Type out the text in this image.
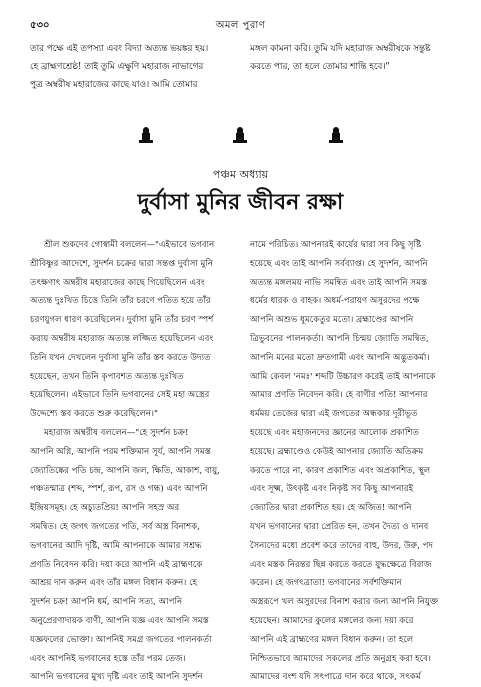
৫৩০	অমল পুরাণ
তার পক্ষে এই তপস্যা এবং বিদ্যা অত্যন্ত ভয়ঙ্কর হয়।
হে ব্রাহ্মণশ্রেষ্ঠ! তাই তুমি এক্ষুণি মহারাজ নাভাগের
পুত্র অম্বরীষ মহারাজের কাছে যাও। আমি তোমার
মঙ্গল কামনা করি। তুমি যদি মহারাজ অম্বরীষকে সন্তুষ্ট
করতে পার, তা হলে তোমার শান্তি হবে।"
পঞ্চম অধ্যায়
দুর্বাসা মুনির জীবন রক্ষা
শ্রীল শুকদেব গোস্বামী বললেন—"এইভাবে ভগবান
শ্রীবিষ্ণুর আদেশে, সুদর্শন চক্রের দ্বারা সন্তপ্ত দুর্বাসা মুনি
তৎক্ষণাৎ অম্বরীষ মহারাজের কাছে গিয়েছিলেন এবং
অত্যন্ত দুঃখিত চিত্তে তিনি তাঁর চরণে পতিত হয়ে তাঁর
চরণযুগল ধারণ করেছিলেন। দুর্বাসা মুনি তাঁর চরণ স্পর্শ
করায় অম্বরীষ মহারাজ অত্যন্ত লজ্জিত হয়েছিলেন এবং
তিনি যখন দেখলেন দুর্বাসা মুনি তাঁর স্তব করতে উদ্যত
হয়েছেন, তখন তিনি কৃপাবশত অত্যন্ত দুঃখিত
হয়েছিলেন। এইভাবে তিনি ভগবানের সেই মহা অস্ত্রের
উদ্দেশ্যে স্তব করতে শুরু করেছিলেন।"
মহারাজ অম্বরীষ বললেন—"হে সুদর্শন চক্র!
আপনি অগ্নি, আপনি পরম শক্তিমান সূর্য, আপনি সমস্ত
জ্যোতিষ্কের পতি চন্দ্র, আপনি জল, ক্ষিতি, আকাশ, বায়ু,
পঞ্চতন্মাত্র (শব্দ, স্পর্শ, রূপ, রস ও গন্ধ) এবং আপনি
ইন্দ্রিয়সমূহ। হে অচ্যুতপ্রিয়! আপনি সহস্র অর
সমন্বিত। হে জগৎ জগতের পতি, সর্ব অস্ত্র বিনাশক,
ভগবানের আদি দৃষ্টি, আমি আপনাকে আমার সশ্রদ্ধ
প্রণতি নিবেদন করি। দয়া করে আপনি এই ব্রাহ্মণকে
আশ্রয় দান করুন এবং তাঁর মঙ্গল বিধান করুন। হে
সুদর্শন চক্র! আপনি ধর্ম, আপনি সত্য, আপনি
অনুপ্রেরণাদায়ক বাণী, আপনি যজ্ঞ এবং আপনি সমস্ত
যজ্ঞফলের ভোক্তা। আপনিই সমগ্র জগতের পালনকর্তা
এবং আপনিই ভগবানের হস্তে তাঁর পরম তেজ।
আপনি ভগবানের মুখ্য দৃষ্টি এবং তাই আপনি সুদর্শন
নামে পরিচিত। আপনারই কার্যের দ্বারা সব কিছু সৃষ্টি
হয়েছে এবং তাই আপনি সর্বব্যাপ্ত। হে সুদর্শন, আপনি
অত্যন্ত মঙ্গলময় নাভি সমন্বিত এবং তাই আপনি সমস্ত
ধর্মের ধারক ও বাহক। অধর্ম-পরায়ণ অসুরদের পক্ষে
আপনি অশুভ ধূমকেতুর মতো। ব্রহ্মাণ্ডের আপনি
ত্রিভুবনের পালনকর্তা। আপনি চিন্ময় জ্যোতি সমন্বিত,
আপনি মনের মতো দ্রুতগামী এবং আপনি অদ্ভুতকর্মা।
আমি কেবল 'নমঃ' শব্দটি উচ্চারণ করেই তাই আপনাকে
আমার প্রণতি নিবেদন করি। হে বাণীর পতি! আপনার
ধর্মময় তেজের দ্বারা এই জগতের অন্ধকার দূরীভূত
হয়েছে এবং মহাজনদের জ্ঞানের আলোক প্রকাশিত
হয়েছে। ব্রহ্মাণ্ডেও কেউই আপনার জ্যোতি অতিক্রম
করতে পারে না, কারণ প্রকাশিত এবং অপ্রকাশিত, স্থূল
এবং সূক্ষ্ম, উৎকৃষ্ট এবং নিকৃষ্ট সব কিছু আপনারই
জ্যোতির দ্বারা প্রকাশিত হয়। হে অজিত! আপনি
যখন ভগবানের দ্বারা প্রেরিত হন, তখন দৈত্য ও দানব
সৈন্যদের মধ্যে প্রবেশ করে তাদের বাহু, উদর, উরু, পদ
এবং মস্তক নিরন্তর ছিন্ন করতে করতে যুদ্ধক্ষেত্রে বিরাজ
করেন। হে জগৎত্রাতা! ভগবানের সর্বশক্তিমান
অস্ত্ররূপে খল অসুরদের বিনাশ করার জন্য আপনি নিযুক্ত
হয়েছেন। আমাদের কুলের মঙ্গলের জন্য দয়া করে
আপনি এই ব্রাহ্মণের মঙ্গল বিধান করুন। তা হলে
নিশ্চিতভাবে আমাদের সকলের প্রতি অনুগ্রহ করা হবে।
আমাদের বংশ যদি সৎপাত্রে দান করে থাকে, সৎকর্ম
